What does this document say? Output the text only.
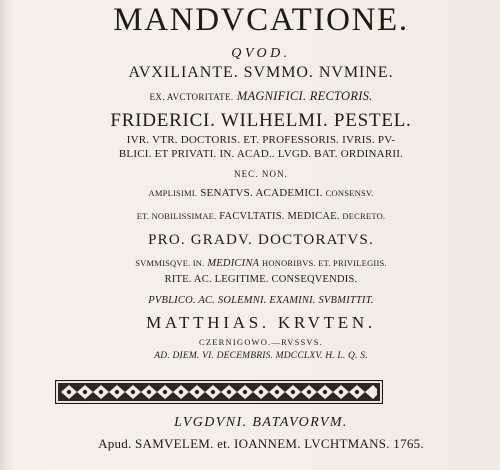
MANDVCATIONE.
QVOD.
AVXILIANTE. SVMMO. NVMINE.
EX. AVCTORITATE. MAGNIFICI. RECTORIS.
FRIDERICI. WILHELMI. PESTEL.
IVR. VTR. DOCTORIS. ET. PROFESSORIS. IVRIS. PV-
BLICI. ET PRIVATI. IN. ACAD.. LVGD. BAT. ORDINARII.
NEC. NON.
AMPLISIMI. SENATVS. ACADEMICI. CONSENSV.
ET. NOBILISSIMAE. FACVLTATIS. MEDICAE. DECRETO.
PRO. GRADV. DOCTORATVS.
SVMMISQVE. IN. MEDICINA HONORIBVS. ET. PRIVILEGIIS.
RITE. AC. LEGITIME. CONSEQVENDIS.
PVBLICO. AC. SOLEMNI. EXAMINI. SVBMITTIT.
MATTHIAS. KRVTEN.
CZERNIGOWO.—RVSSVS.
AD. DIEM. VI. DECEMBRIS. MDCCLXV. H. L. Q. S.
LVGDVNI. BATAVORVM.
Apud. SAMVELEM. et. IOANNEM. LVCHTMANS. 1765.
